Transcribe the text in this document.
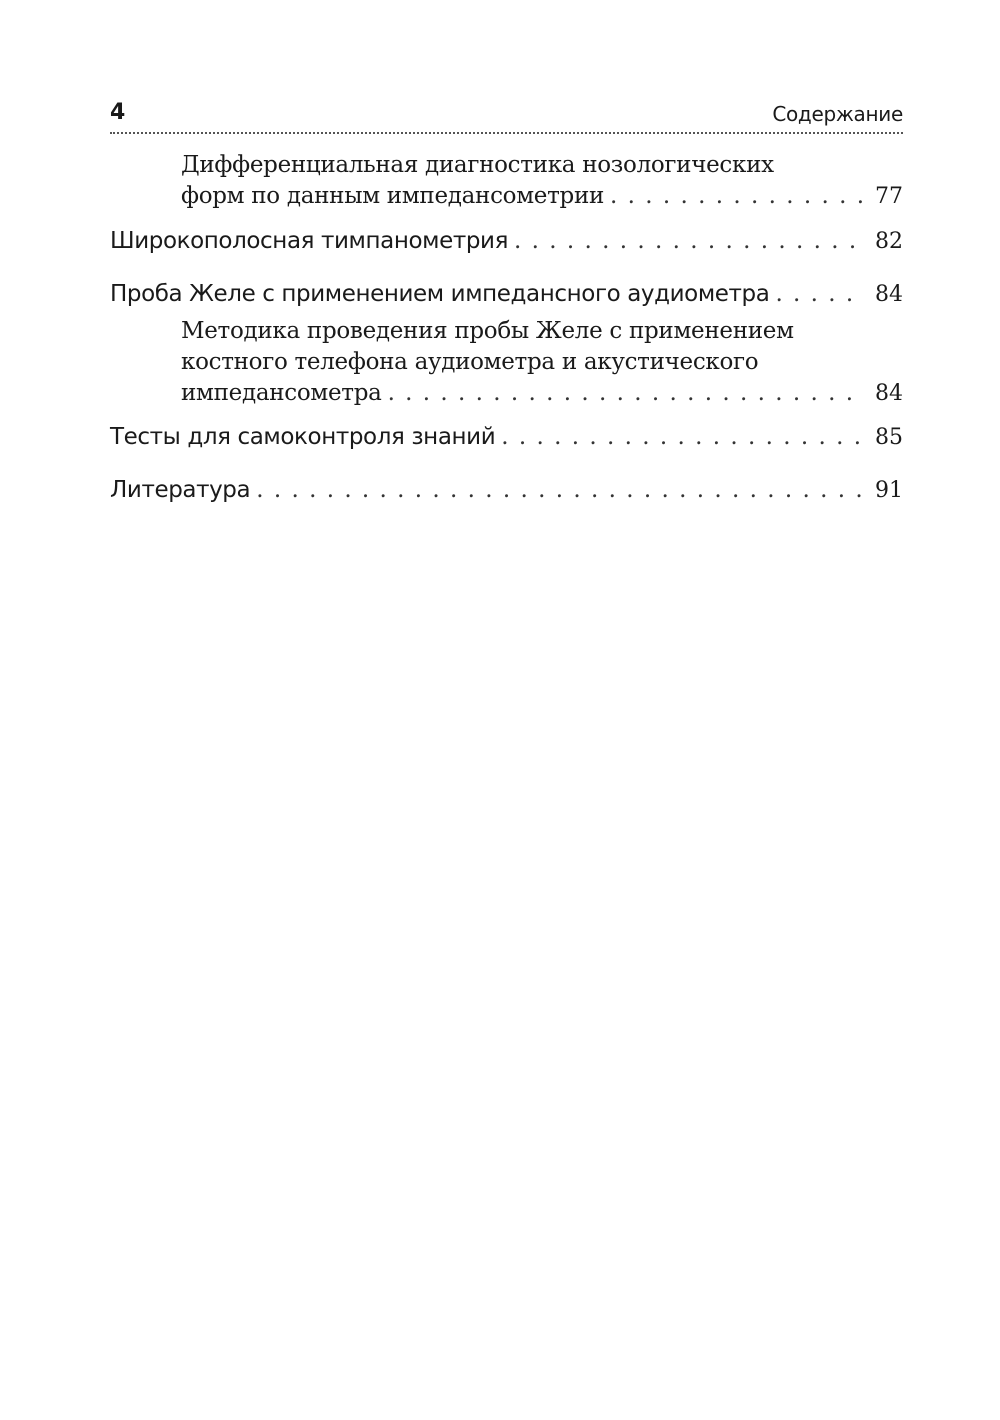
4	Содержание
Дифференциальная диагностика нозологических
форм по данным импедансометрии . . .	77
Широкополосная тимпанометрия . . .	82
Проба Желе с применением импедансного аудиометра . . .	84
Методика проведения пробы Желе с применением
костного телефона аудиометра и акустического
импедансометра . . .	84
Тесты для самоконтроля знаний . . .	85
Литература . . .	91
